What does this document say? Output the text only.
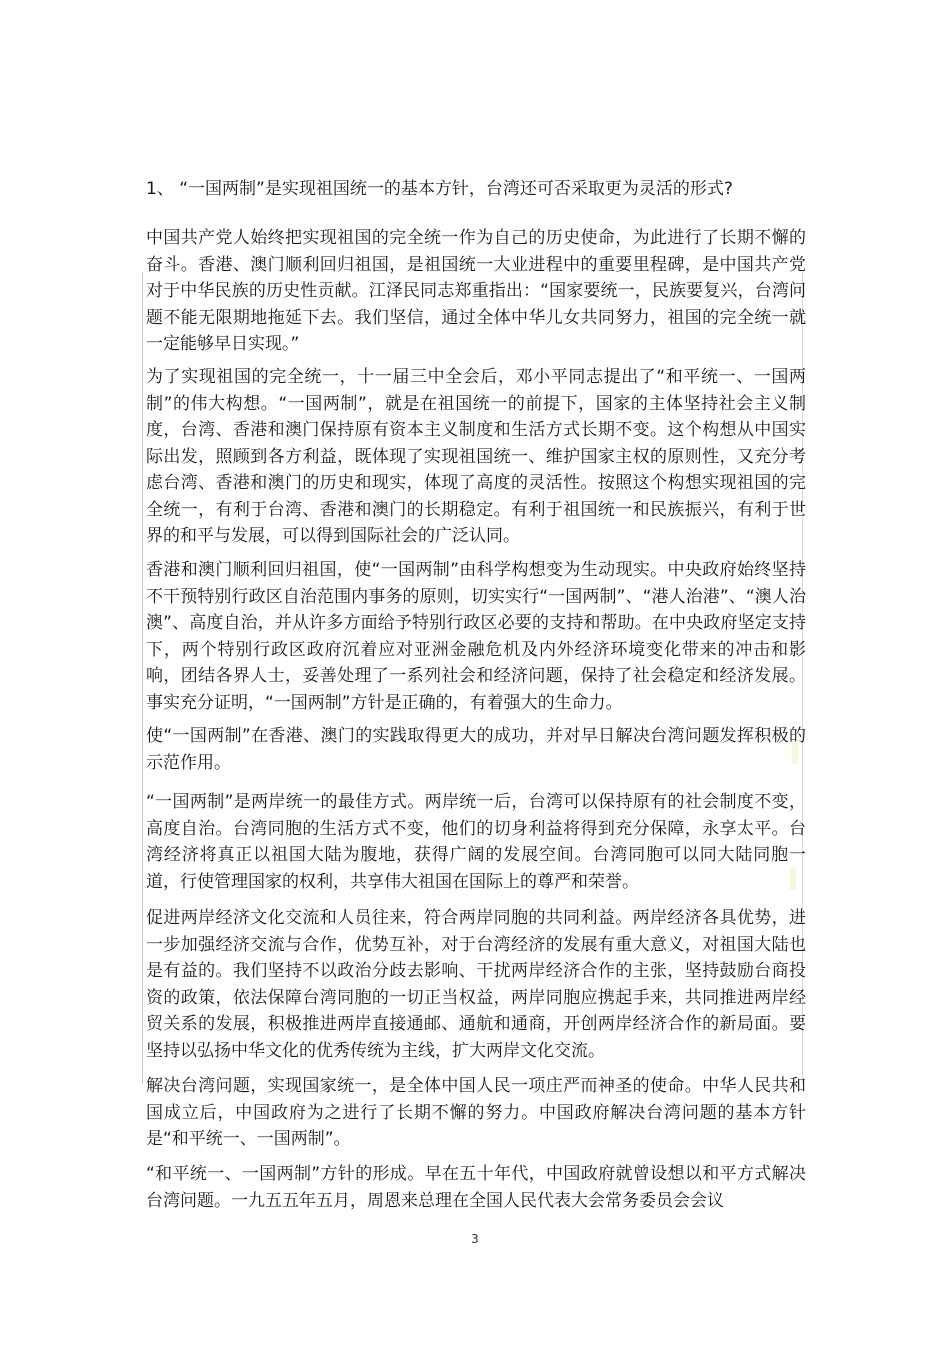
1、 “一国两制”是实现祖国统一的基本方针，台湾还可否采取更为灵活的形式?

中国共产党人始终把实现祖国的完全统一作为自己的历史使命，为此进行了长期不懈的奋斗。香港、澳门顺利回归祖国，是祖国统一大业进程中的重要里程碑，是中国共产党对于中华民族的历史性贡献。江泽民同志郑重指出：“国家要统一，民族要复兴，台湾问题不能无限期地拖延下去。我们坚信，通过全体中华儿女共同努力，祖国的完全统一就一定能够早日实现。”

为了实现祖国的完全统一，十一届三中全会后，邓小平同志提出了“和平统一、一国两制”的伟大构想。“一国两制”，就是在祖国统一的前提下，国家的主体坚持社会主义制度，台湾、香港和澳门保持原有资本主义制度和生活方式长期不变。这个构想从中国实际出发，照顾到各方利益，既体现了实现祖国统一、维护国家主权的原则性，又充分考虑台湾、香港和澳门的历史和现实，体现了高度的灵活性。按照这个构想实现祖国的完全统一，有利于台湾、香港和澳门的长期稳定。有利于祖国统一和民族振兴，有利于世界的和平与发展，可以得到国际社会的广泛认同。

香港和澳门顺利回归祖国，使“一国两制”由科学构想变为生动现实。中央政府始终坚持不干预特别行政区自治范围内事务的原则，切实实行“一国两制”、“港人治港”、“澳人治澳”、高度自治，并从许多方面给予特别行政区必要的支持和帮助。在中央政府坚定支持下，两个特别行政区政府沉着应对亚洲金融危机及内外经济环境变化带来的冲击和影响，团结各界人士，妥善处理了一系列社会和经济问题，保持了社会稳定和经济发展。事实充分证明，“一国两制”方针是正确的，有着强大的生命力。

使“一国两制”在香港、澳门的实践取得更大的成功，并对早日解决台湾问题发挥积极的示范作用。

“一国两制”是两岸统一的最佳方式。两岸统一后，台湾可以保持原有的社会制度不变，高度自治。台湾同胞的生活方式不变，他们的切身利益将得到充分保障，永享太平。台湾经济将真正以祖国大陆为腹地，获得广阔的发展空间。台湾同胞可以同大陆同胞一道，行使管理国家的权利，共享伟大祖国在国际上的尊严和荣誉。

促进两岸经济文化交流和人员往来，符合两岸同胞的共同利益。两岸经济各具优势，进一步加强经济交流与合作，优势互补，对于台湾经济的发展有重大意义，对祖国大陆也是有益的。我们坚持不以政治分歧去影响、干扰两岸经济合作的主张，坚持鼓励台商投资的政策，依法保障台湾同胞的一切正当权益，两岸同胞应携起手来，共同推进两岸经贸关系的发展，积极推进两岸直接通邮、通航和通商，开创两岸经济合作的新局面。要坚持以弘扬中华文化的优秀传统为主线，扩大两岸文化交流。

解决台湾问题，实现国家统一，是全体中国人民一项庄严而神圣的使命。中华人民共和国成立后，中国政府为之进行了长期不懈的努力。中国政府解决台湾问题的基本方针是“和平统一、一国两制”。

“和平统一、一国两制”方针的形成。早在五十年代，中国政府就曾设想以和平方式解决台湾问题。一九五五年五月，周恩来总理在全国人民代表大会常务委员会会议

3
